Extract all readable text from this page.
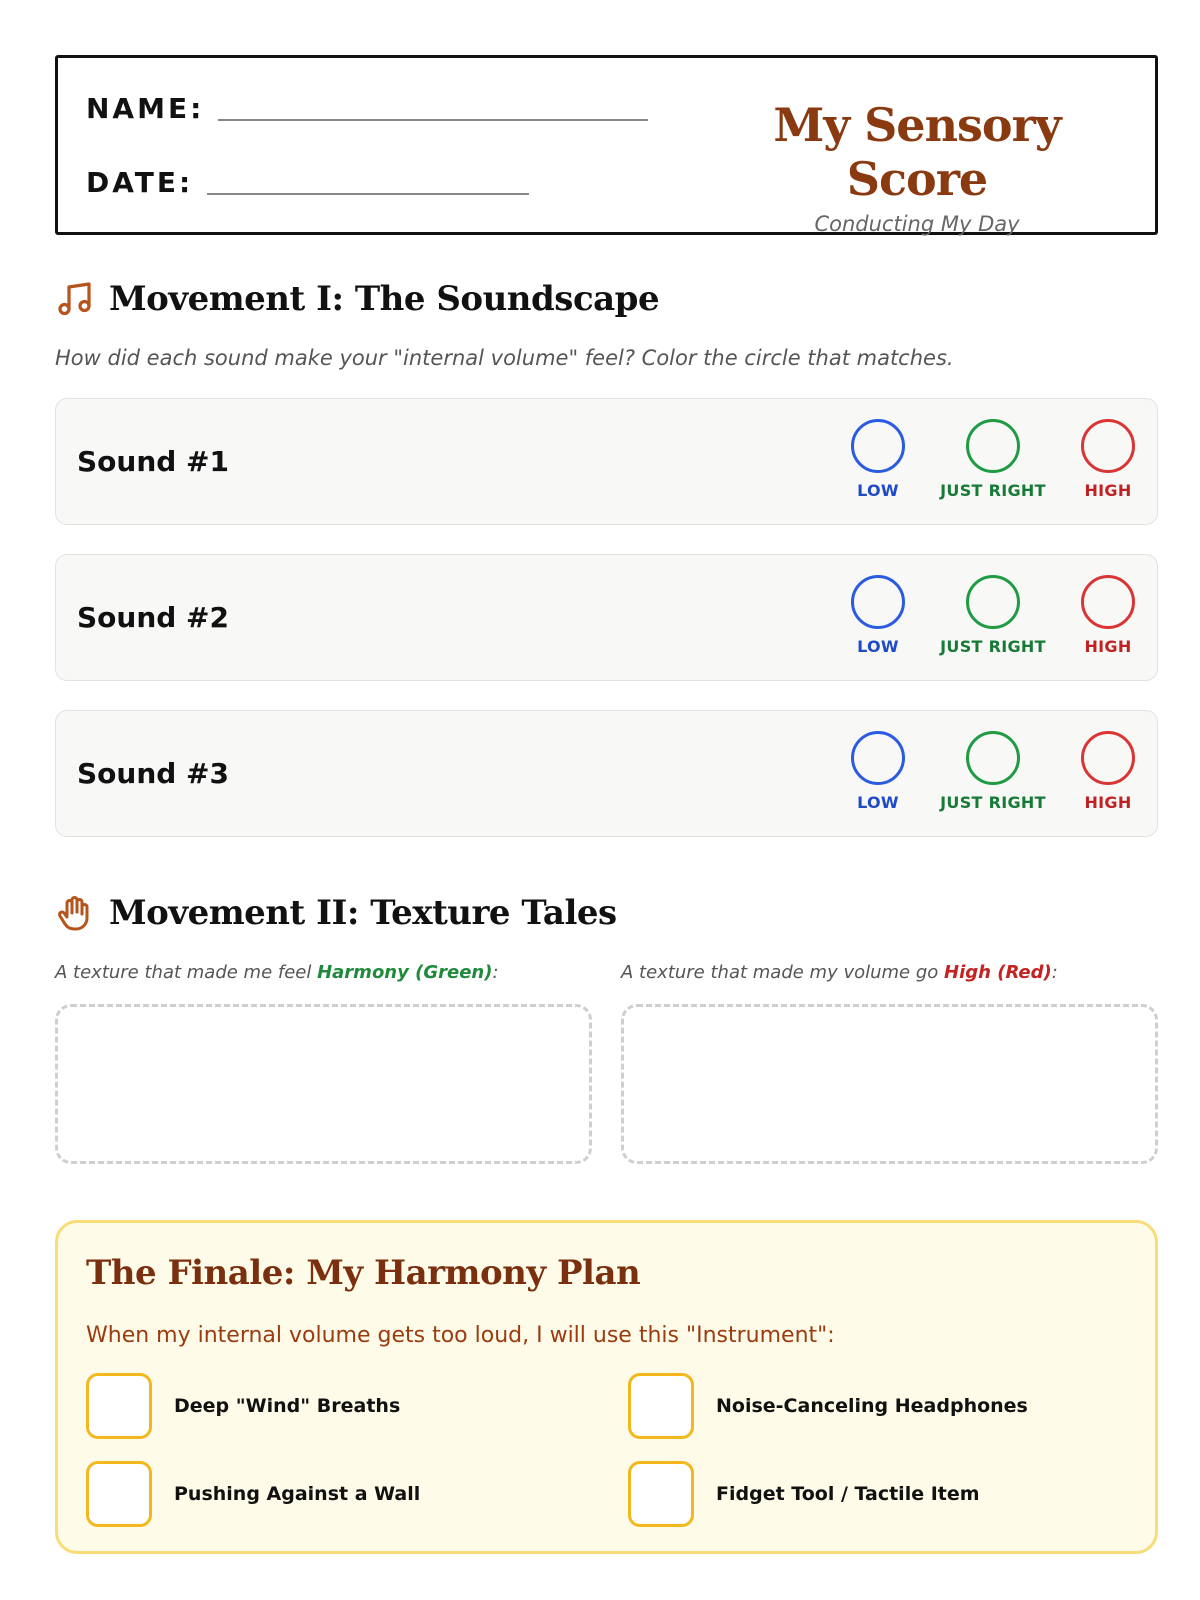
NAME:
DATE:
My Sensory Score
Conducting My Day
Movement I: The Soundscape
How did each sound make your "internal volume" feel? Color the circle that matches.
Sound #1
LOW	JUST RIGHT	HIGH
Sound #2
LOW	JUST RIGHT	HIGH
Sound #3
LOW	JUST RIGHT	HIGH
Movement II: Texture Tales
A texture that made me feel Harmony (Green):	A texture that made my volume go High (Red):
The Finale: My Harmony Plan
When my internal volume gets too loud, I will use this "Instrument":
Deep "Wind" Breaths	Noise-Canceling Headphones
Pushing Against a Wall	Fidget Tool / Tactile Item
